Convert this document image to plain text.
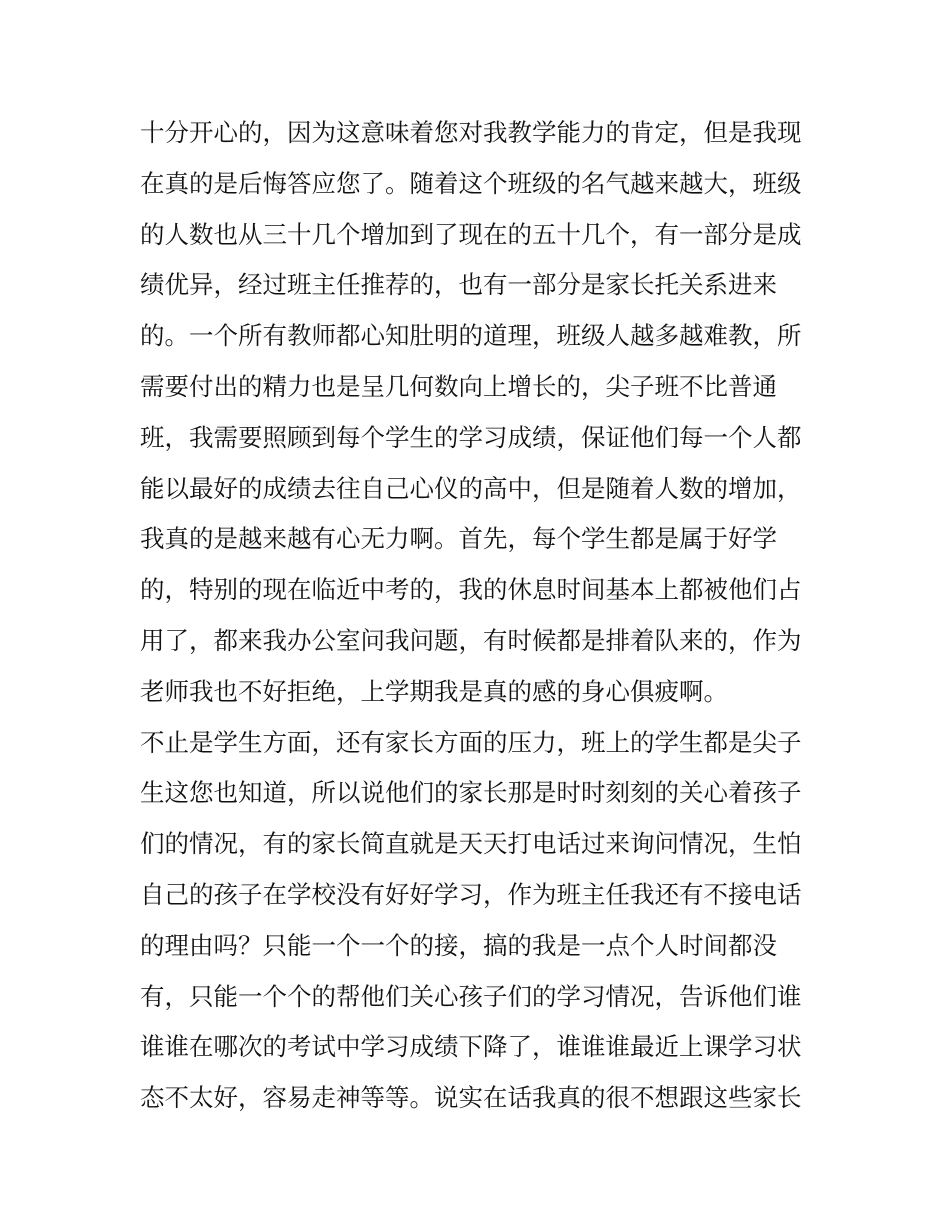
十分开心的，因为这意味着您对我教学能力的肯定，但是我现
在真的是后悔答应您了。随着这个班级的名气越来越大，班级
的人数也从三十几个增加到了现在的五十几个，有一部分是成
绩优异，经过班主任推荐的，也有一部分是家长托关系进来
的。一个所有教师都心知肚明的道理，班级人越多越难教，所
需要付出的精力也是呈几何数向上增长的，尖子班不比普通
班，我需要照顾到每个学生的学习成绩，保证他们每一个人都
能以最好的成绩去往自己心仪的高中，但是随着人数的增加，
我真的是越来越有心无力啊。首先，每个学生都是属于好学
的，特别的现在临近中考的，我的休息时间基本上都被他们占
用了，都来我办公室问我问题，有时候都是排着队来的，作为
老师我也不好拒绝，上学期我是真的感的身心俱疲啊。
不止是学生方面，还有家长方面的压力，班上的学生都是尖子
生这您也知道，所以说他们的家长那是时时刻刻的关心着孩子
们的情况，有的家长简直就是天天打电话过来询问情况，生怕
自己的孩子在学校没有好好学习，作为班主任我还有不接电话
的理由吗？只能一个一个的接，搞的我是一点个人时间都没
有，只能一个个的帮他们关心孩子们的学习情况，告诉他们谁
谁谁在哪次的考试中学习成绩下降了，谁谁谁最近上课学习状
态不太好，容易走神等等。说实在话我真的很不想跟这些家长
